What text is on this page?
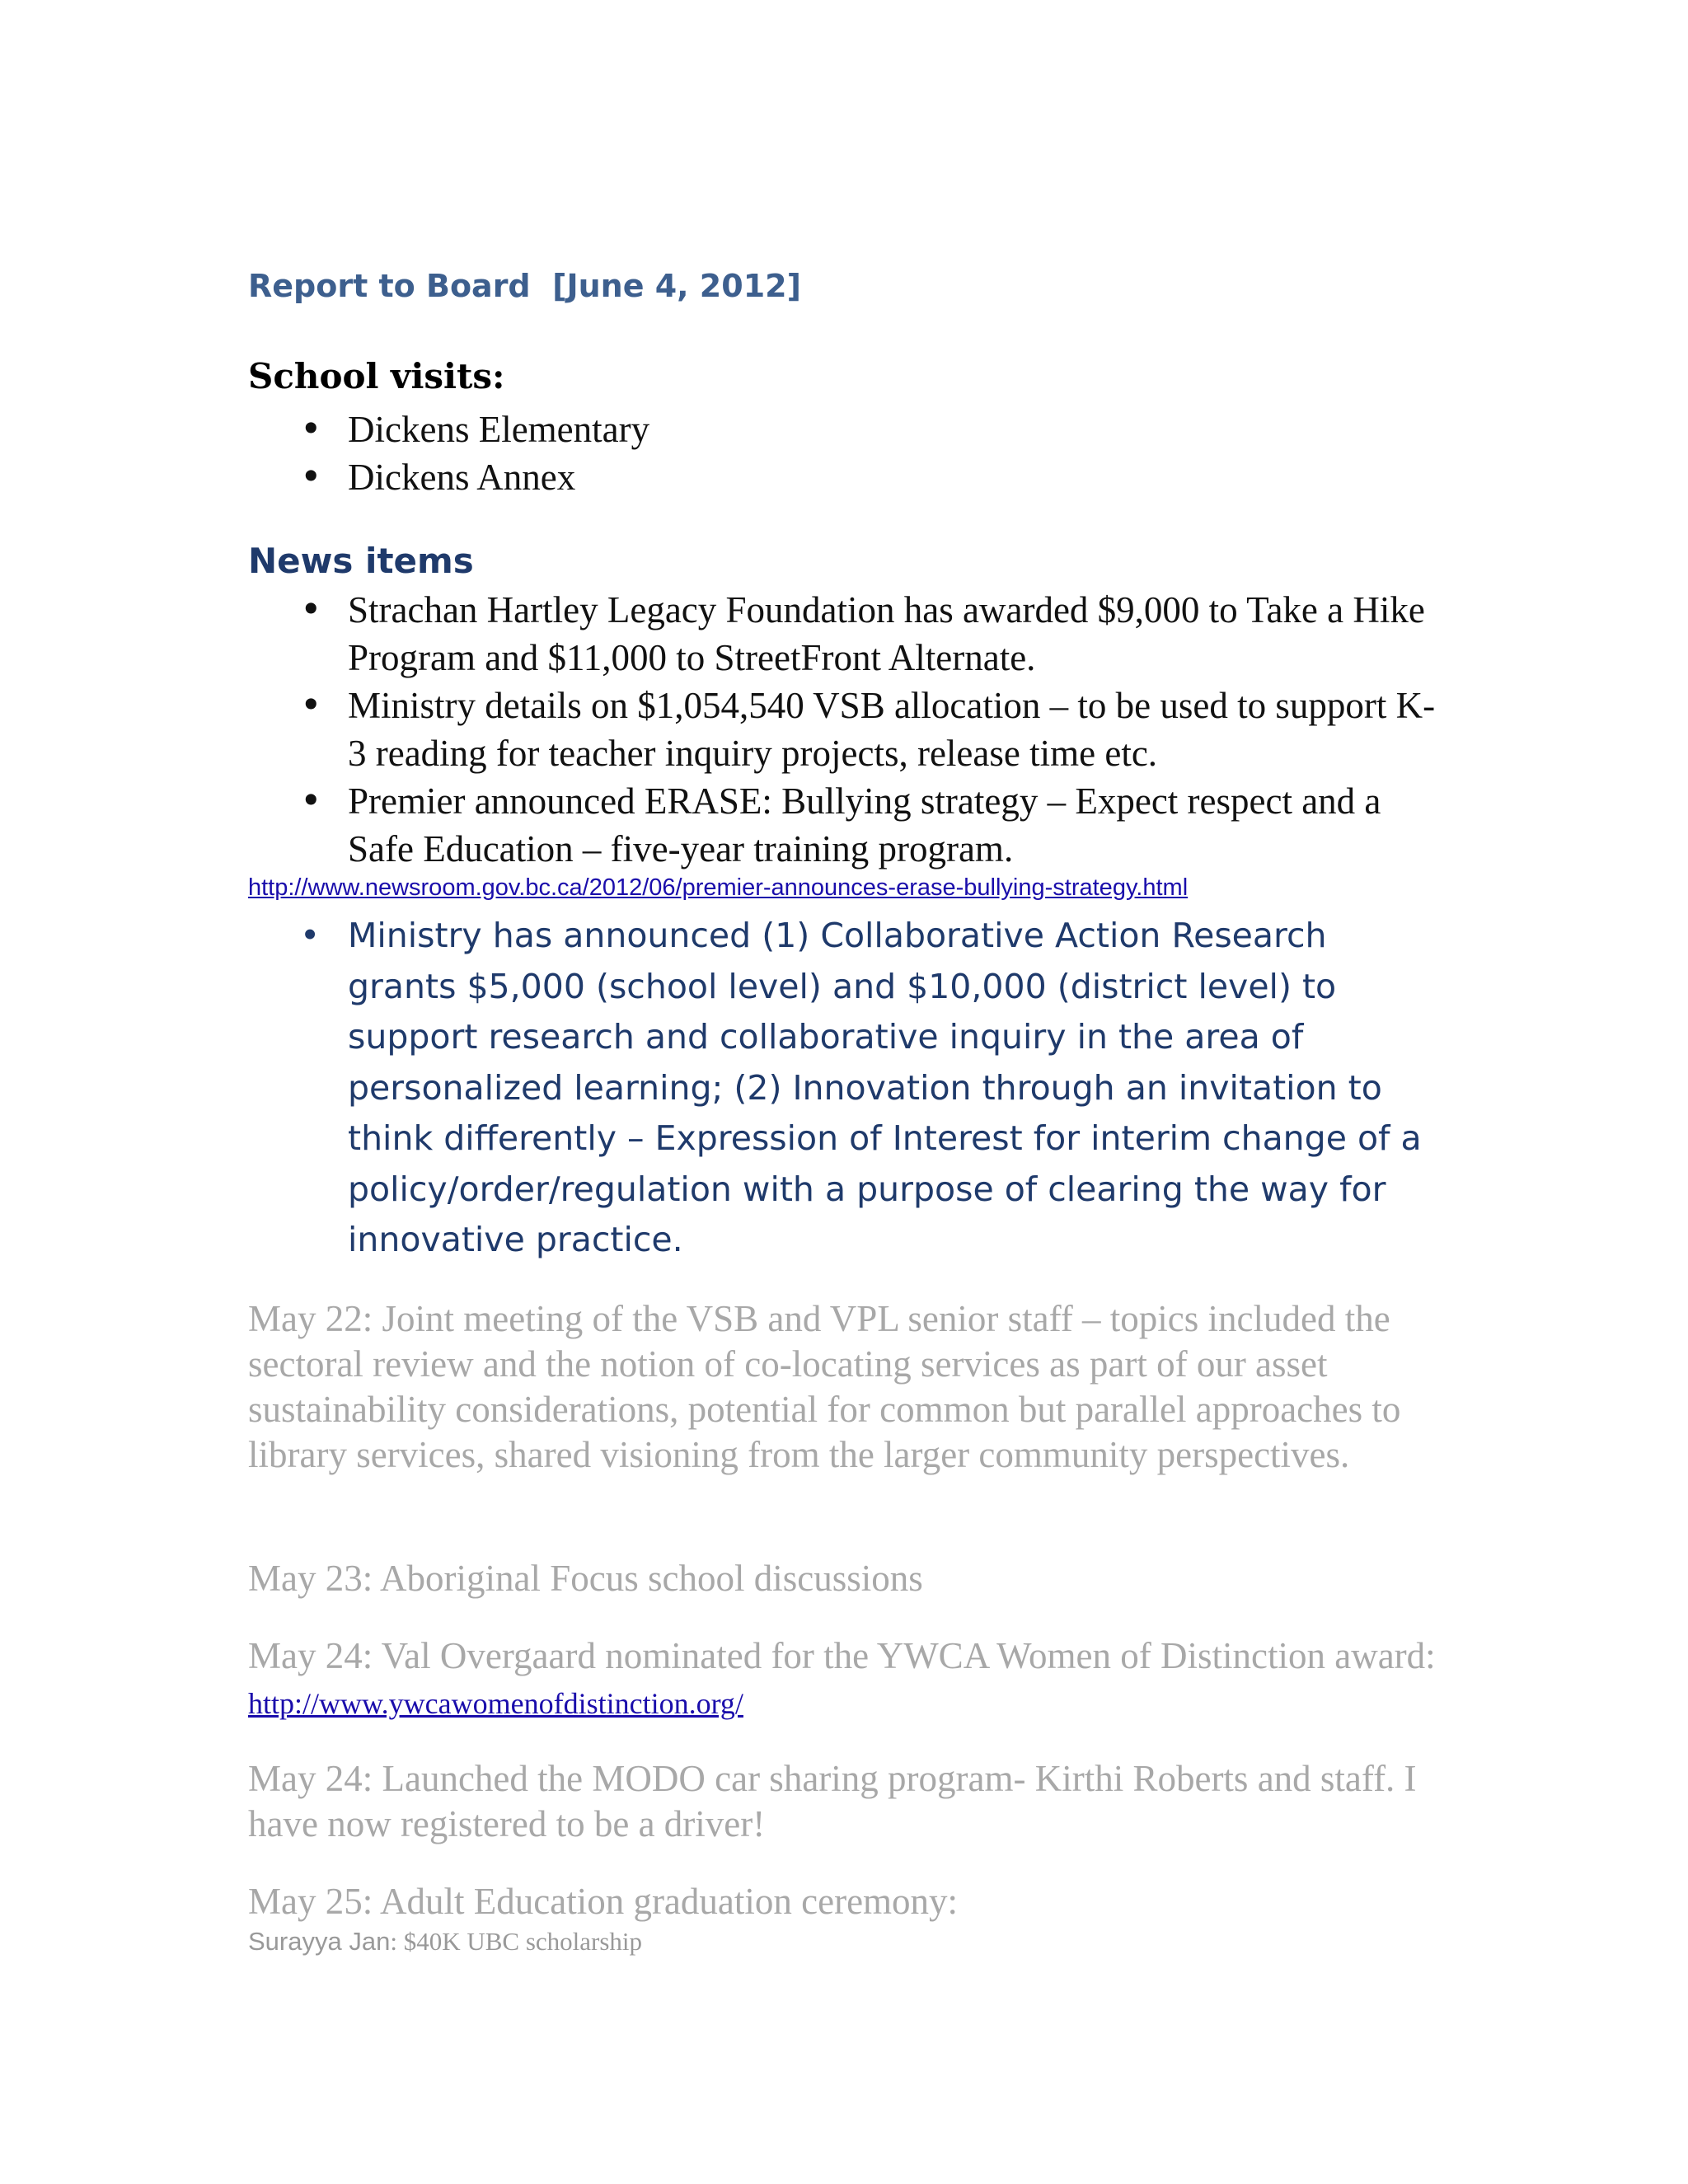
Report to Board  [June 4, 2012]
School visits:
• Dickens Elementary
• Dickens Annex
News items
• Strachan Hartley Legacy Foundation has awarded $9,000 to Take a Hike Program and $11,000 to StreetFront Alternate.
• Ministry details on $1,054,540 VSB allocation – to be used to support K-3 reading for teacher inquiry projects, release time etc.
• Premier announced ERASE: Bullying strategy – Expect respect and a Safe Education – five-year training program.
http://www.newsroom.gov.bc.ca/2012/06/premier-announces-erase-bullying-strategy.html
• Ministry has announced (1) Collaborative Action Research grants $5,000 (school level) and $10,000 (district level) to support research and collaborative inquiry in the area of personalized learning; (2) Innovation through an invitation to think differently – Expression of Interest for interim change of a policy/order/regulation with a purpose of clearing the way for innovative practice.
May 22: Joint meeting of the VSB and VPL senior staff – topics included the sectoral review and the notion of co-locating services as part of our asset sustainability considerations, potential for common but parallel approaches to library services, shared visioning from the larger community perspectives.
May 23: Aboriginal Focus school discussions
May 24: Val Overgaard nominated for the YWCA Women of Distinction award: http://www.ywcawomenofdistinction.org/
May 24: Launched the MODO car sharing program- Kirthi Roberts and staff. I have now registered to be a driver!
May 25: Adult Education graduation ceremony:
Surayya Jan: $40K UBC scholarship
